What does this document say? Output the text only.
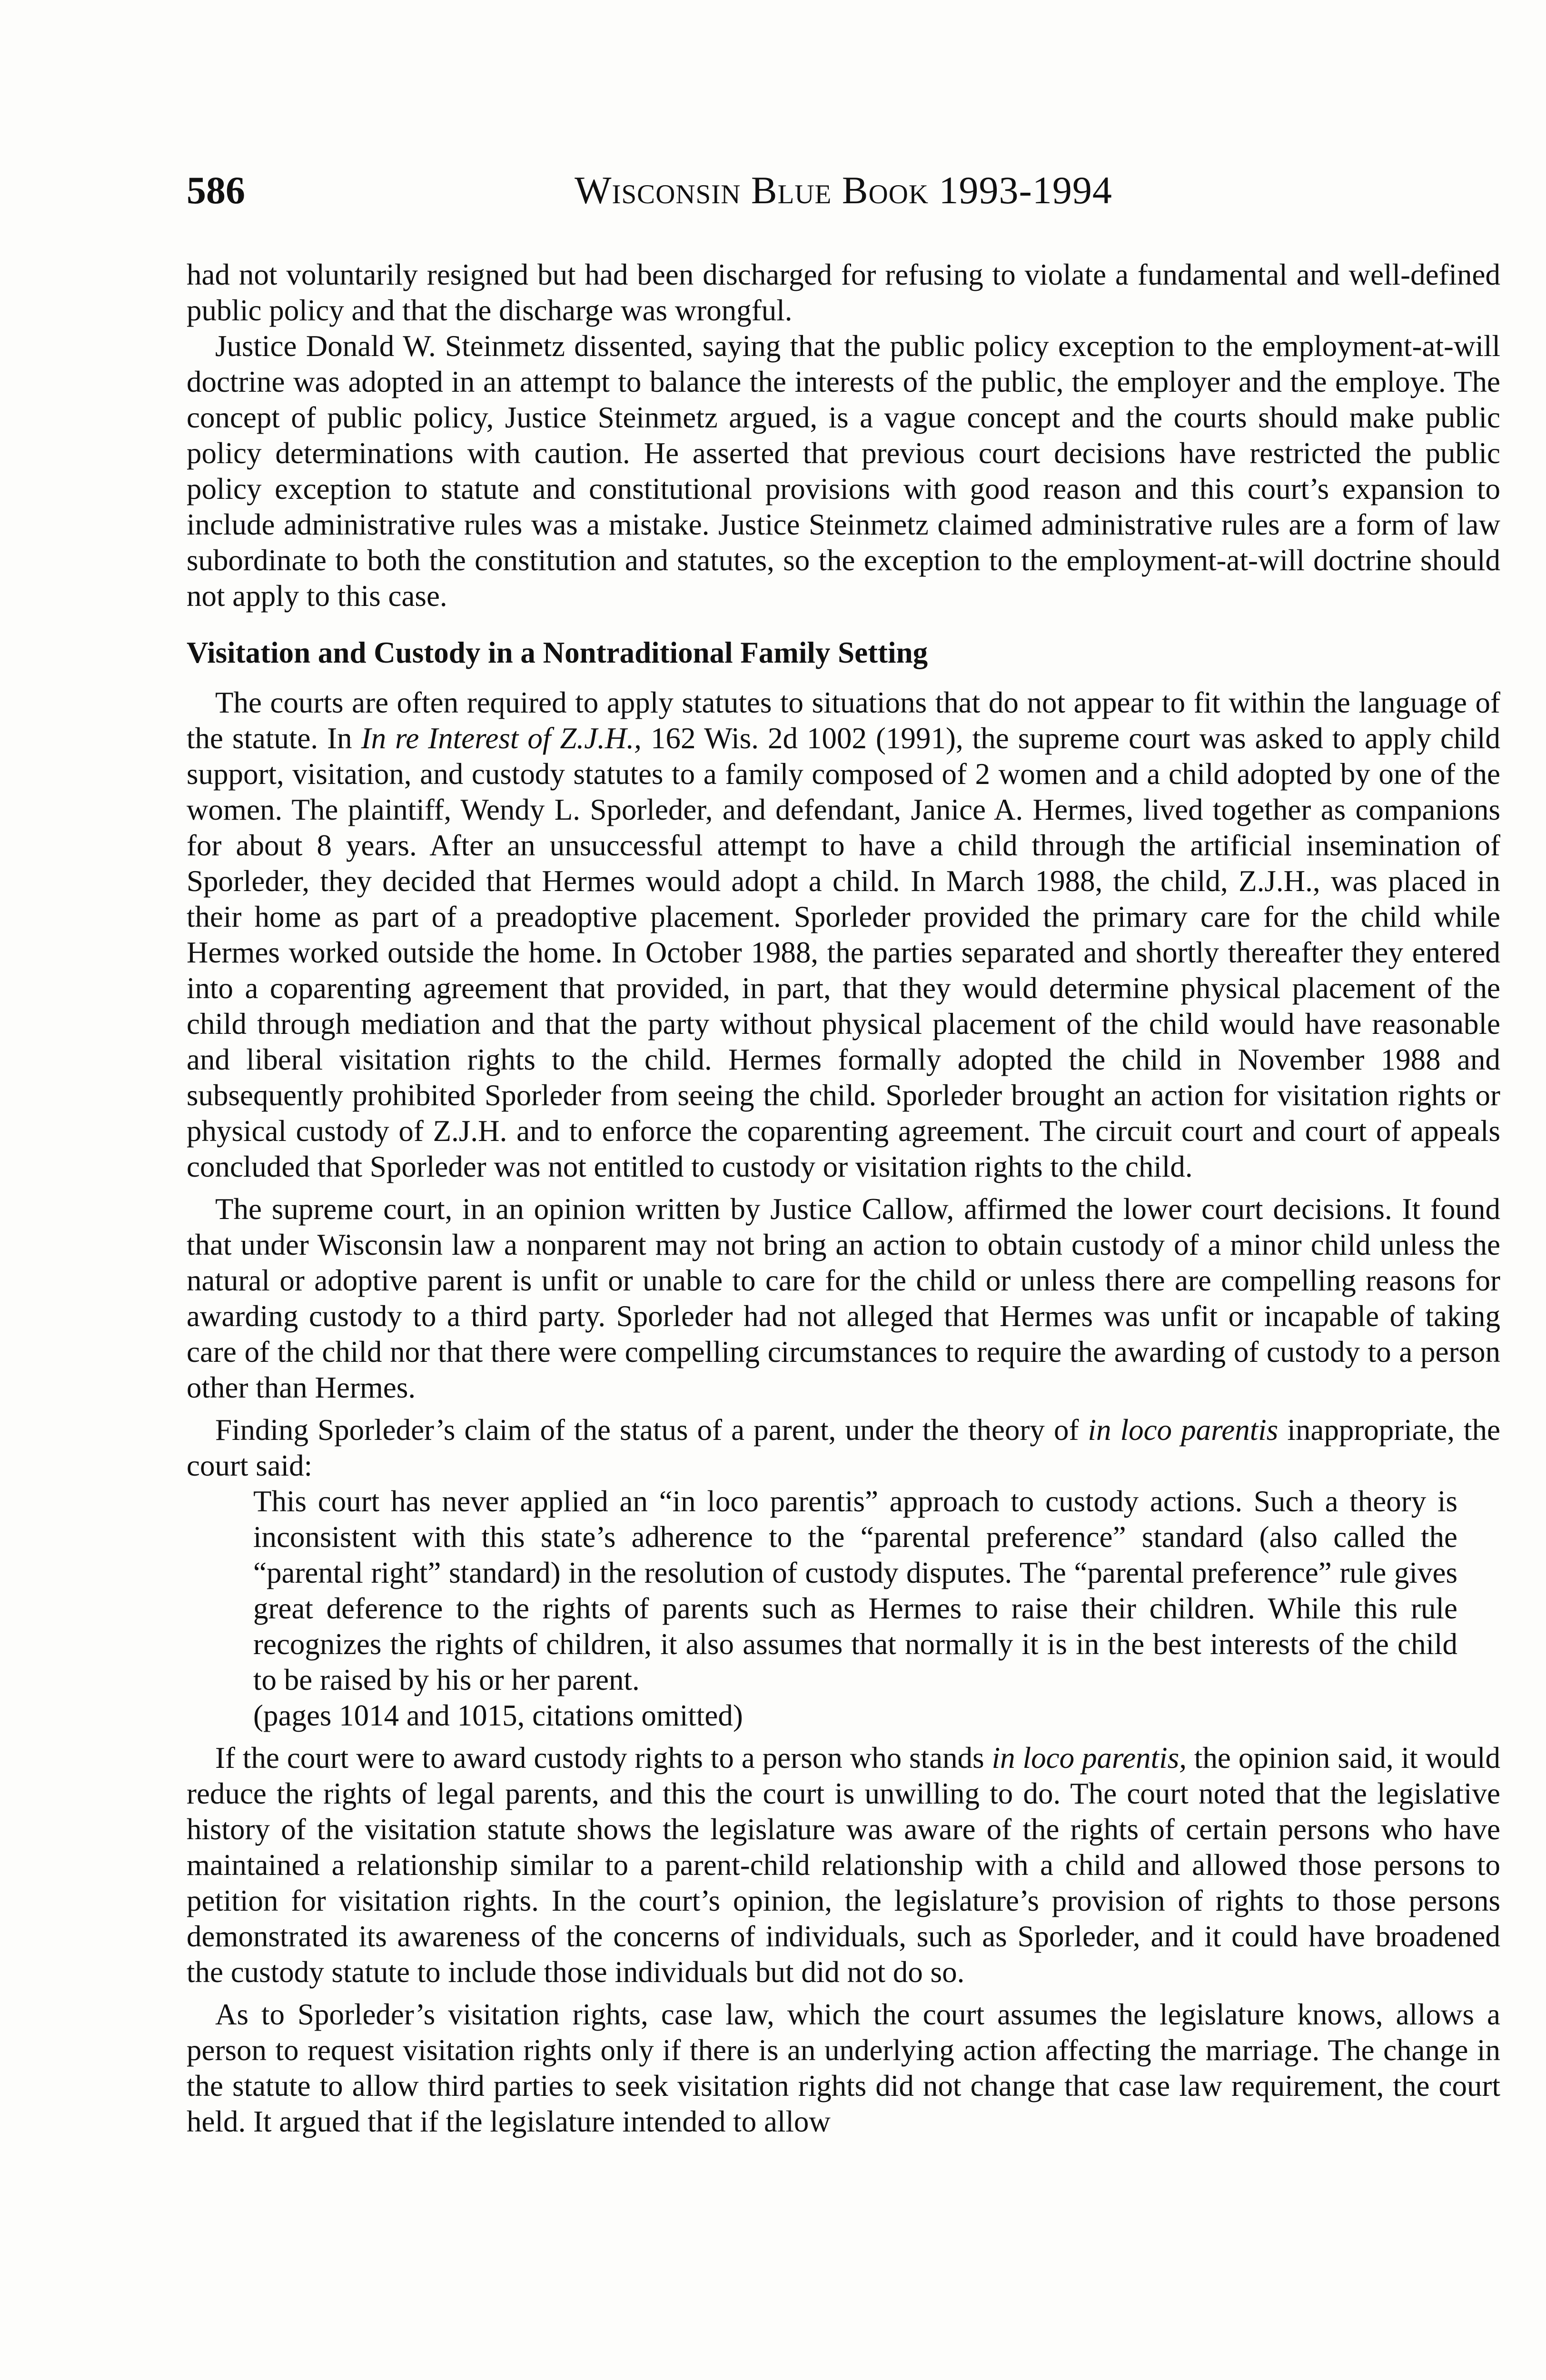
586	Wisconsin Blue Book 1993-1994

had not voluntarily resigned but had been discharged for refusing to violate a fundamental and well-defined public policy and that the discharge was wrongful.

Justice Donald W. Steinmetz dissented, saying that the public policy exception to the employment-at-will doctrine was adopted in an attempt to balance the interests of the public, the employer and the employe. The concept of public policy, Justice Steinmetz argued, is a vague concept and the courts should make public policy determinations with caution. He asserted that previous court decisions have restricted the public policy exception to statute and constitutional provisions with good reason and this court’s expansion to include administrative rules was a mistake. Justice Steinmetz claimed administrative rules are a form of law subordinate to both the constitution and statutes, so the exception to the employment-at-will doctrine should not apply to this case.

Visitation and Custody in a Nontraditional Family Setting

The courts are often required to apply statutes to situations that do not appear to fit within the language of the statute. In In re Interest of Z.J.H., 162 Wis. 2d 1002 (1991), the supreme court was asked to apply child support, visitation, and custody statutes to a family composed of 2 women and a child adopted by one of the women. The plaintiff, Wendy L. Sporleder, and defendant, Janice A. Hermes, lived together as companions for about 8 years. After an unsuccessful attempt to have a child through the artificial insemination of Sporleder, they decided that Hermes would adopt a child. In March 1988, the child, Z.J.H., was placed in their home as part of a preadoptive placement. Sporleder provided the primary care for the child while Hermes worked outside the home. In October 1988, the parties separated and shortly thereafter they entered into a coparenting agreement that provided, in part, that they would determine physical placement of the child through mediation and that the party without physical placement of the child would have reasonable and liberal visitation rights to the child. Hermes formally adopted the child in November 1988 and subsequently prohibited Sporleder from seeing the child. Sporleder brought an action for visitation rights or physical custody of Z.J.H. and to enforce the coparenting agreement. The circuit court and court of appeals concluded that Sporleder was not entitled to custody or visitation rights to the child.

The supreme court, in an opinion written by Justice Callow, affirmed the lower court decisions. It found that under Wisconsin law a nonparent may not bring an action to obtain custody of a minor child unless the natural or adoptive parent is unfit or unable to care for the child or unless there are compelling reasons for awarding custody to a third party. Sporleder had not alleged that Hermes was unfit or incapable of taking care of the child nor that there were compelling circumstances to require the awarding of custody to a person other than Hermes.

Finding Sporleder’s claim of the status of a parent, under the theory of in loco parentis inappropriate, the court said:

This court has never applied an “in loco parentis” approach to custody actions. Such a theory is inconsistent with this state’s adherence to the “parental preference” standard (also called the “parental right” standard) in the resolution of custody disputes. The “parental preference” rule gives great deference to the rights of parents such as Hermes to raise their children. While this rule recognizes the rights of children, it also assumes that normally it is in the best interests of the child to be raised by his or her parent.
(pages 1014 and 1015, citations omitted)

If the court were to award custody rights to a person who stands in loco parentis, the opinion said, it would reduce the rights of legal parents, and this the court is unwilling to do. The court noted that the legislative history of the visitation statute shows the legislature was aware of the rights of certain persons who have maintained a relationship similar to a parent-child relationship with a child and allowed those persons to petition for visitation rights. In the court’s opinion, the legislature’s provision of rights to those persons demonstrated its awareness of the concerns of individuals, such as Sporleder, and it could have broadened the custody statute to include those individuals but did not do so.

As to Sporleder’s visitation rights, case law, which the court assumes the legislature knows, allows a person to request visitation rights only if there is an underlying action affecting the marriage. The change in the statute to allow third parties to seek visitation rights did not change that case law requirement, the court held. It argued that if the legislature intended to allow
